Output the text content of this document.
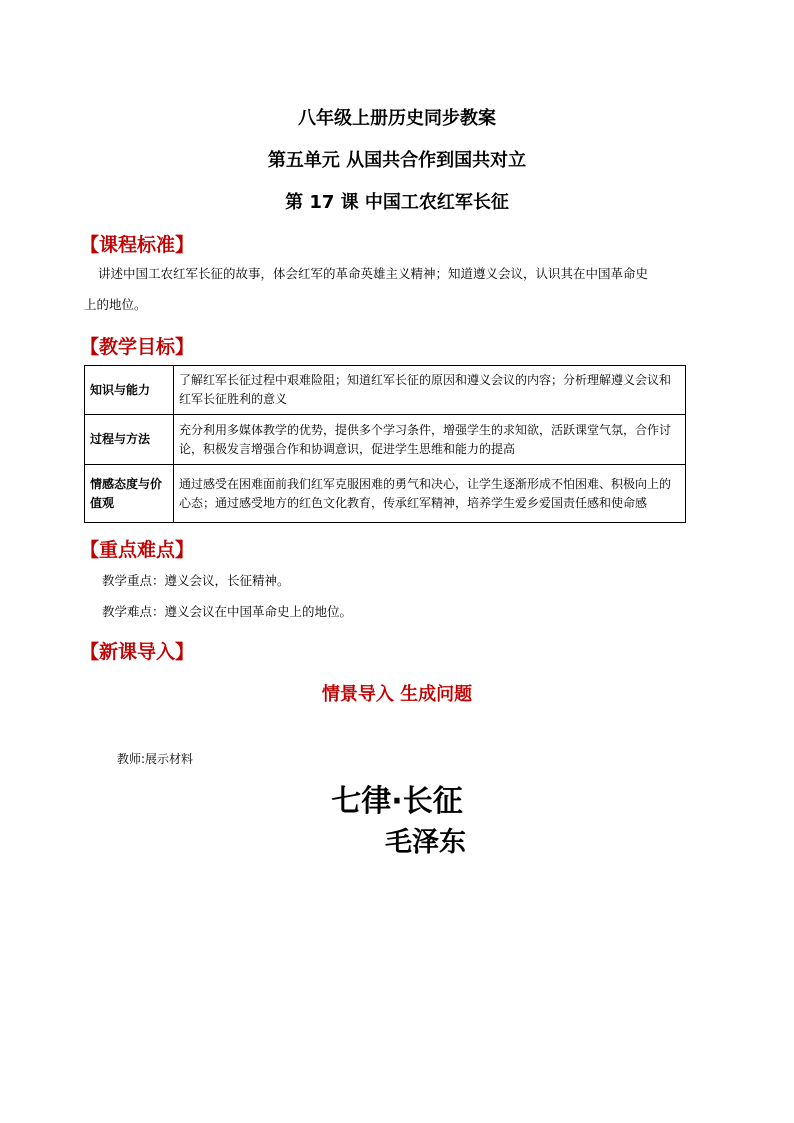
八年级上册历史同步教案
第五单元 从国共合作到国共对立
第 17 课 中国工农红军长征
【课程标准】
讲述中国工农红军长征的故事，体会红军的革命英雄主义精神；知道遵义会议，认识其在中国革命史
上的地位。
【教学目标】
知识与能力	了解红军长征过程中艰难险阻；知道红军长征的原因和遵义会议的内容；分析理解遵义会议和红军长征胜利的意义
过程与方法	充分利用多媒体教学的优势，提供多个学习条件，增强学生的求知欲，活跃课堂气氛，合作讨论，积极发言增强合作和协调意识，促进学生思维和能力的提高
情感态度与价值观	通过感受在困难面前我们红军克服困难的勇气和决心，让学生逐渐形成不怕困难、积极向上的心态；通过感受地方的红色文化教育，传承红军精神，培养学生爱乡爱国责任感和使命感
【重点难点】
教学重点：遵义会议，长征精神。
教学难点：遵义会议在中国革命史上的地位。
【新课导入】
情景导入 生成问题
教师:展示材料
七律·长征
毛泽东
